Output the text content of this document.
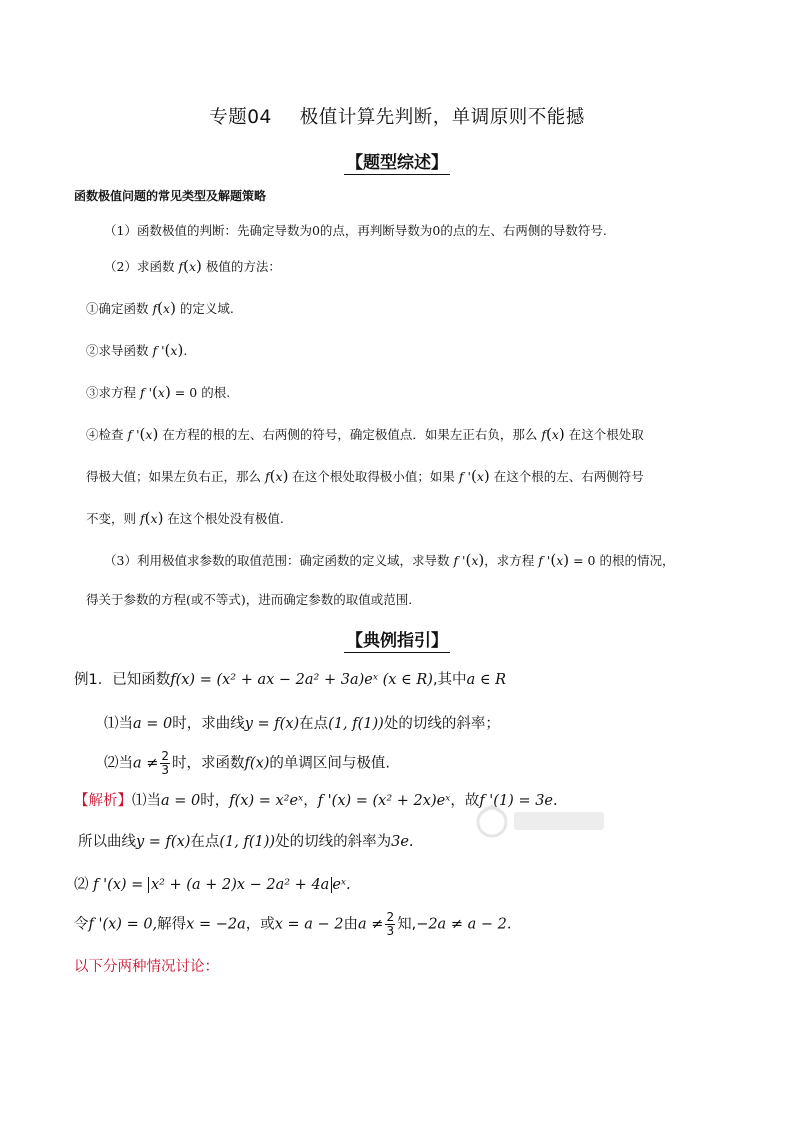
专题04 极值计算先判断，单调原则不能撼
【题型综述】
函数极值问题的常见类型及解题策略
（1）函数极值的判断：先确定导数为0的点，再判断导数为0的点的左、右两侧的导数符号.
（2）求函数 f(x) 极值的方法：
①确定函数 f(x) 的定义域.
②求导函数 f '(x).
③求方程 f '(x) = 0 的根.
④检查 f '(x) 在方程的根的左、右两侧的符号，确定极值点．如果左正右负，那么 f(x) 在这个根处取
得极大值；如果左负右正，那么 f(x) 在这个根处取得极小值；如果 f '(x) 在这个根的左、右两侧符号
不变，则 f(x) 在这个根处没有极值.
（3）利用极值求参数的取值范围：确定函数的定义域，求导数 f '(x)，求方程 f '(x) = 0 的根的情况，
得关于参数的方程(或不等式)，进而确定参数的取值或范围.
【典例指引】
例1．已知函数f(x) = (x² + ax − 2a² + 3a)eˣ (x ∈ R),其中a ∈ R
⑴当a = 0时，求曲线y = f(x)在点(1, f(1))处的切线的斜率；
⑵当$a \ne \frac{2}{3}$ 时，求函数f(x)的单调区间与极值.
【解析】⑴当a = 0时，f(x) = x²eˣ，f '(x) = (x² + 2x)eˣ，故f '(1) = 3e.
所以曲线y = f(x)在点(1, f(1))处的切线的斜率为3e.
⑵ f '(x) = x² + (a + 2)x − 2a² + 4a eˣ.
令f '(x) = 0,解得x = −2a，或x = a − 2由$a \ne \frac{2}{3}$ 知,−2a ≠ a − 2.
以下分两种情况讨论：
